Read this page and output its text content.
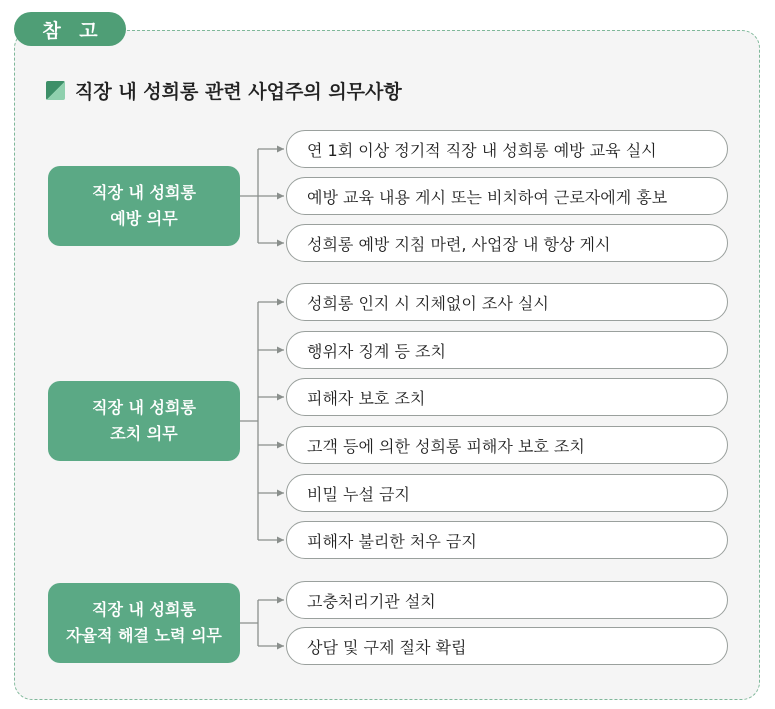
참 고
직장 내 성희롱 관련 사업주의 의무사항
직장 내 성희롱
예방 의무
연 1회 이상 정기적 직장 내 성희롱 예방 교육 실시
예방 교육 내용 게시 또는 비치하여 근로자에게 홍보
성희롱 예방 지침 마련, 사업장 내 항상 게시
직장 내 성희롱
조치 의무
성희롱 인지 시 지체없이 조사 실시
행위자 징계 등 조치
피해자 보호 조치
고객 등에 의한 성희롱 피해자 보호 조치
비밀 누설 금지
피해자 불리한 처우 금지
직장 내 성희롱
자율적 해결 노력 의무
고충처리기관 설치
상담 및 구제 절차 확립
